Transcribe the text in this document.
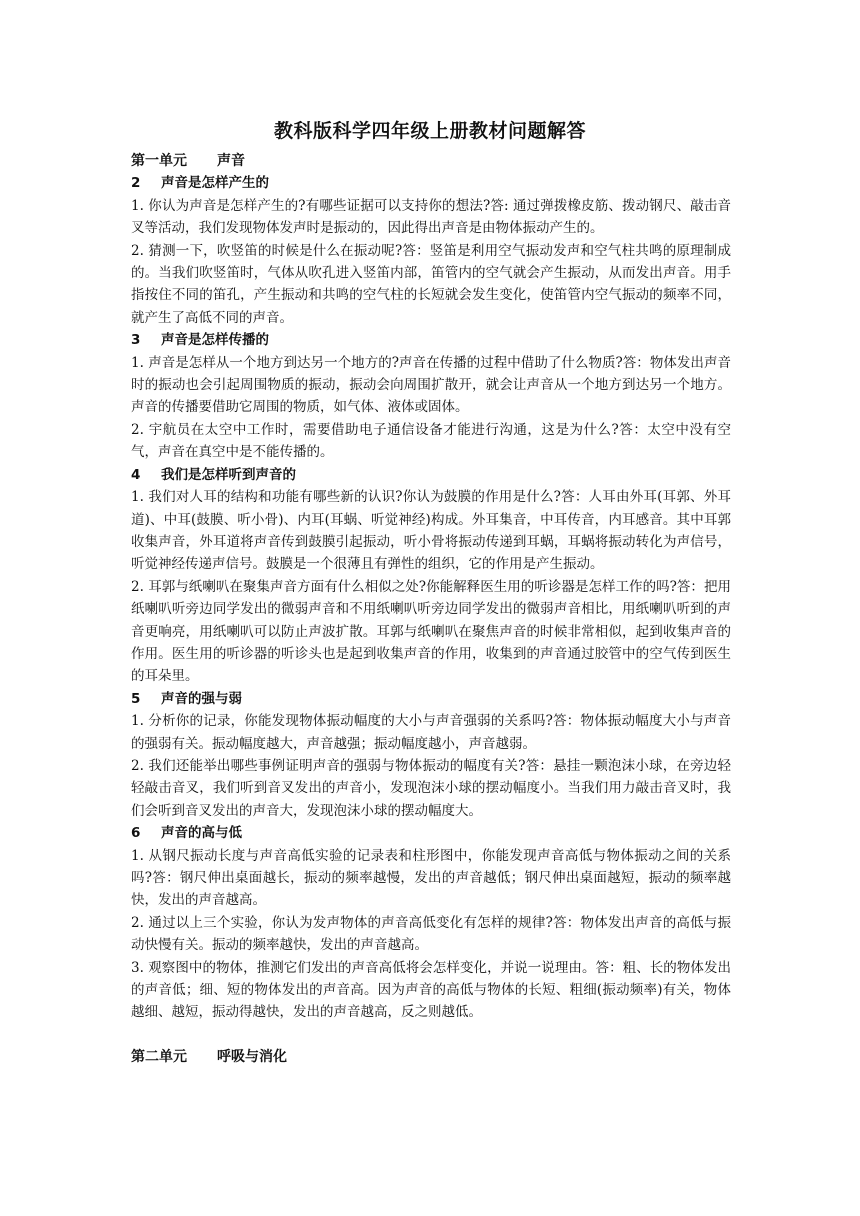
教科版科学四年级上册教材问题解答
第一单元 声音
2 声音是怎样产生的
1. 你认为声音是怎样产生的?有哪些证据可以支持你的想法?答: 通过弹拨橡皮筋、拨动钢尺、敲击音叉等活动，我们发现物体发声时是振动的，因此得出声音是由物体振动产生的。
2. 猜测一下，吹竖笛的时候是什么在振动呢?答：竖笛是利用空气振动发声和空气柱共鸣的原理制成的。当我们吹竖笛时，气体从吹孔进入竖笛内部，笛管内的空气就会产生振动，从而发出声音。用手指按住不同的笛孔，产生振动和共鸣的空气柱的长短就会发生变化，使笛管内空气振动的频率不同，就产生了高低不同的声音。
3 声音是怎样传播的
1. 声音是怎样从一个地方到达另一个地方的?声音在传播的过程中借助了什么物质?答：物体发出声音时的振动也会引起周围物质的振动，振动会向周围扩散开，就会让声音从一个地方到达另一个地方。声音的传播要借助它周围的物质，如气体、液体或固体。
2. 宇航员在太空中工作时，需要借助电子通信设备才能进行沟通，这是为什么?答：太空中没有空气，声音在真空中是不能传播的。
4 我们是怎样听到声音的
1. 我们对人耳的结构和功能有哪些新的认识?你认为鼓膜的作用是什么?答：人耳由外耳(耳郭、外耳道)、中耳(鼓膜、听小骨)、内耳(耳蜗、听觉神经)构成。外耳集音，中耳传音，内耳感音。其中耳郭收集声音，外耳道将声音传到鼓膜引起振动，听小骨将振动传递到耳蜗，耳蜗将振动转化为声信号，听觉神经传递声信号。鼓膜是一个很薄且有弹性的组织，它的作用是产生振动。
2. 耳郭与纸喇叭在聚集声音方面有什么相似之处?你能解释医生用的听诊器是怎样工作的吗?答：把用纸喇叭听旁边同学发出的微弱声音和不用纸喇叭听旁边同学发出的微弱声音相比，用纸喇叭听到的声音更响亮，用纸喇叭可以防止声波扩散。耳郭与纸喇叭在聚焦声音的时候非常相似，起到收集声音的作用。医生用的听诊器的听诊头也是起到收集声音的作用，收集到的声音通过胶管中的空气传到医生的耳朵里。
5 声音的强与弱
1. 分析你的记录，你能发现物体振动幅度的大小与声音强弱的关系吗?答：物体振动幅度大小与声音的强弱有关。振动幅度越大，声音越强；振动幅度越小，声音越弱。
2. 我们还能举出哪些事例证明声音的强弱与物体振动的幅度有关?答：悬挂一颗泡沫小球，在旁边轻轻敲击音叉，我们听到音叉发出的声音小，发现泡沫小球的摆动幅度小。当我们用力敲击音叉时，我们会听到音叉发出的声音大，发现泡沫小球的摆动幅度大。
6 声音的高与低
1. 从钢尺振动长度与声音高低实验的记录表和柱形图中，你能发现声音高低与物体振动之间的关系吗?答：钢尺伸出桌面越长，振动的频率越慢，发出的声音越低；钢尺伸出桌面越短，振动的频率越快，发出的声音越高。
2. 通过以上三个实验，你认为发声物体的声音高低变化有怎样的规律?答：物体发出声音的高低与振动快慢有关。振动的频率越快，发出的声音越高。
3. 观察图中的物体，推测它们发出的声音高低将会怎样变化，并说一说理由。答：粗、长的物体发出的声音低；细、短的物体发出的声音高。因为声音的高低与物体的长短、粗细(振动频率)有关，物体越细、越短，振动得越快，发出的声音越高，反之则越低。
第二单元 呼吸与消化
